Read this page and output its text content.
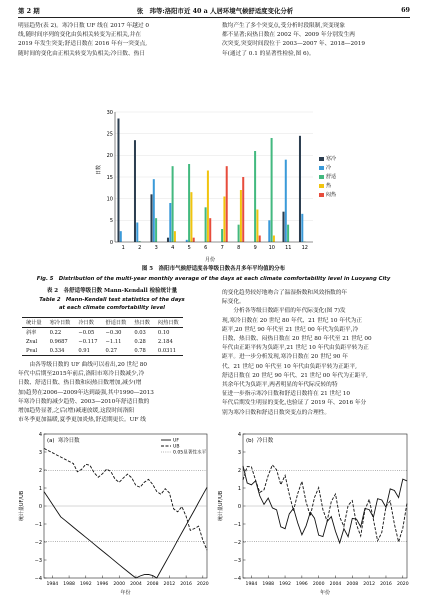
第 2 期	张　玮等:洛阳市近 40 a 人居环境气候舒适度变化分析	69
明显趋势(表 2)。寒冷日数 UF 线在 2017 年越过 0
线,随时间序列的变化由负相关转变为正相关,并在
2019 年发生突变;舒适日数在 2016 年有一突变点,
随时间的变化由正相关转变为负相关;冷日数、热日
数均产生了多个突变点,受分析时段限制,突变现象
都不显著;闷热日数在 2002 年、2009 年分别发生两
次突变,突变时间段位于 2003—2007 年、2018—2019
年(通过了 0.1 的显著性检验,图 6)。
0
5
10
15
20
25
30
1	2	3	4	5	6	7	8	9 10 11 12
日数
月份
寒冷
冷
舒适
热
闷热
图 5　洛阳市气候舒适度各等级日数各月多年平均值的分布
Fig. 5　Distribution of the multi-year monthly average of the days at each climate comfortability level in Luoyang City
表 2　各舒适等级日数 Mann-Kendall 检验统计量
Table 2　Mann-Kendall test statistics of the days
at each climate comfortability level
统计量	寒冷日数	冷日数	舒适日数	热日数	闷热日数
斜率	0.22	−0.05	−0.30	0.03	0.10
Zval	0.9687	−0.117	−1.11	0.28	2.184
Pval	0.334	0.91	0.27	0.78	0.0311
　　由各等级日数的 UF 曲线可以看出,20 世纪 80
年代中后期至2015年前后,洛阳市寒冷日数减少,冷
日数、舒适日数、热日数和闷热日数增加,减少(增
加)趋势在2006—2009年达到最强,其中1990—2013
年寒冷日数的减少趋势、2003—2010年舒适日数的
增加趋势显著,之后(增)减速放缓,这段时间洛阳
市冬季更加温暖,夏季更加炎热,舒适期更长。UF 线
的变化趋势较好地吻合了温湿指数和风效指数的年
际变化。
　　分析各等级日数距平值的年代际变化(图 7)发
现,寒冷日数在 20 世纪 80 年代、21 世纪 10 年代为正
距平,20 世纪 90 年代至 21 世纪 00 年代为负距平,冷
日数、热日数、闷热日数在 20 世纪 80 年代至 21 世纪 00
年代由正距平转为负距平,21 世纪 10 年代由负距平转为正
距平。进一步分析发现,寒冷日数在 20 世纪 90 年
代、21 世纪 00 年代至 10 年代由负距平转为正距平,
舒适日数在 20 世纪 90 年代、21 世纪 00 年代为正距平,
其余年代为负距平,两者明显的年代际反转的特
征进一步指示寒冷日数和舒适日数将在 21 世纪 10
年代后期发生明显的变化,也验证了 2019 年、2016 年分
别为寒冷日数和舒适日数突变点的合理性。
4
3
2
1
0
−1
−2
−3
−4
1984 1988 1992 1996 2000 2004 2008 2012 2016 2020
(a) 寒冷日数	UF
UB
0.05显著性水平
统计量UF/UB
年份
4
3
2
1
0
−1
−2
−3
−4
1984 1988 1992 1996 2000 2004 2008 2012 2016 2020
(b) 冷日数
统计量UF/UB
年份
